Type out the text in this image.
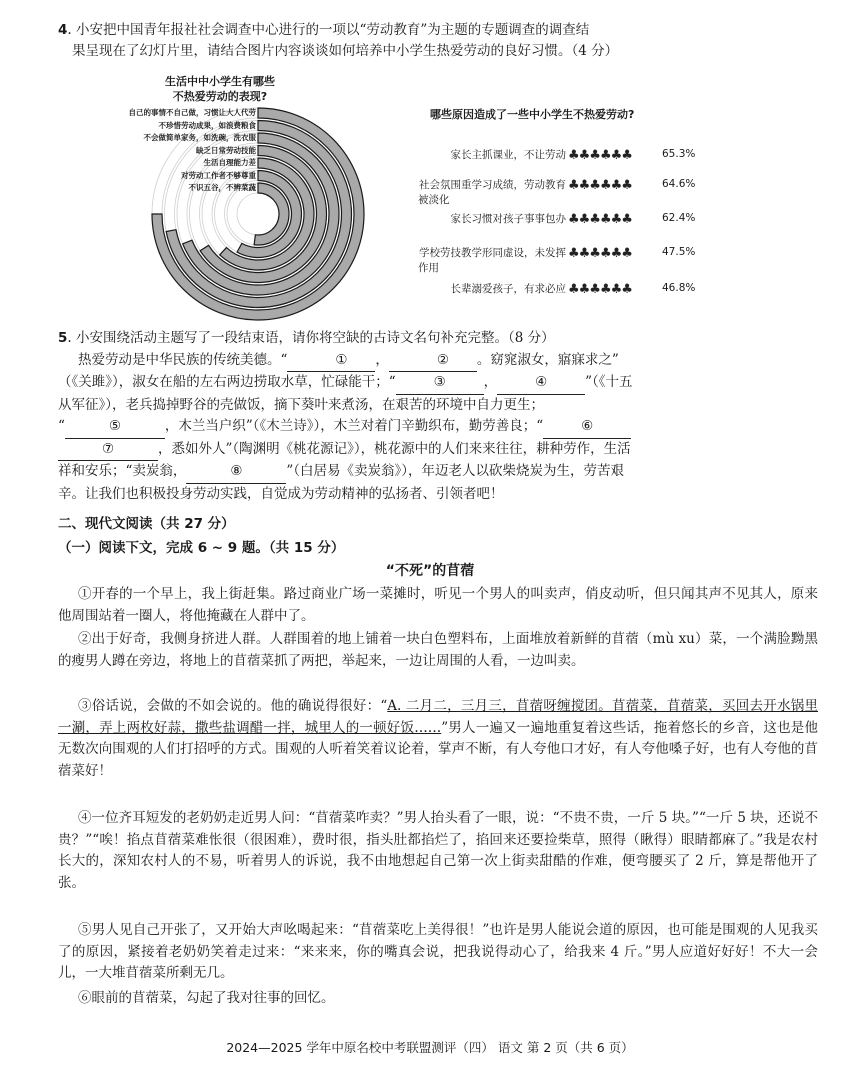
4. 小安把中国青年报社社会调查中心进行的一项以“劳动教育”为主题的专题调查的调查结
果呈现在了幻灯片里，请结合图片内容谈谈如何培养中小学生热爱劳动的良好习惯。（4 分）
生活中中小学生有哪些
不热爱劳动的表现?
自己的事情不自己做，习惯让大人代劳
不珍惜劳动成果，如浪费粮食
不会做简单家务，如洗碗，洗衣服
缺乏日常劳动技能
生活自理能力差
对劳动工作者不够尊重
不识五谷，不辨菜蔬
哪些原因造成了一些中小学生不热爱劳动?
家长主抓课业，不让劳动 ♣♣♣♣♣♣	65.3%
社会氛围重学习成绩，劳动教育
被淡化
♣♣♣♣♣♣	64.6%
家长习惯对孩子事事包办 ♣♣♣♣♣♣	62.4%
学校劳技教学形同虚设，未发挥
作用
♣♣♣♣♣♣	47.5%
长辈溺爱孩子，有求必应 ♣♣♣♣♣♣	46.8%
5. 小安围绕活动主题写了一段结束语，请你将空缺的古诗文名句补充完整。（8 分）
热爱劳动是中华民族的传统美德。“	① ，	② 。窈窕淑女，寤寐求之”
（《关雎》），淑女在船的左右两边捞取水草，忙碌能干；“	③	，	④	”（《十五
从军征》），老兵捣掉野谷的壳做饭，摘下葵叶来煮汤，在艰苦的环境中自力更生；
“	⑤	，木兰当户织”（《木兰诗》），木兰对着门辛勤织布，勤劳善良；“	⑥
⑦	，悉如外人”（陶渊明《桃花源记》），桃花源中的人们来来往往，耕种劳作，生活
祥和安乐；“卖炭翁，	⑧	”（白居易《卖炭翁》），年迈老人以砍柴烧炭为生，劳苦艰
辛。让我们也积极投身劳动实践，自觉成为劳动精神的弘扬者、引领者吧！
二、现代文阅读（共 27 分）
（一）阅读下文，完成 6 ~ 9 题。（共 15 分）
“不死”的苜蓿
①开春的一个早上，我上街赶集。路过商业广场一菜摊时，听见一个男人的叫卖声，俏皮动听，但只闻其声不见其人，原来他周围站着一圈人，将他掩藏在人群中了。
②出于好奇，我侧身挤进人群。人群围着的地上铺着一块白色塑料布，上面堆放着新鲜的苜蓿（mù xu）菜，一个满脸黝黑的瘦男人蹲在旁边，将地上的苜蓿菜抓了两把，举起来，一边让周围的人看，一边叫卖。
③俗话说，会做的不如会说的。他的确说得很好：“A. 二月二，三月三，苜蓿呀缠搅团。苜蓿菜，苜蓿菜，买回去开水锅里一涮，弄上两枚好蒜，撒些盐调醋一拌，城里人的一顿好饭……”男人一遍又一遍地重复着这些话，拖着悠长的乡音，这也是他无数次向围观的人们打招呼的方式。围观的人听着笑着议论着，掌声不断，有人夸他口才好，有人夸他嗓子好，也有人夸他的苜蓿菜好！
④一位齐耳短发的老奶奶走近男人问：“苜蓿菜咋卖？”男人抬头看了一眼，说：“不贵不贵，一斤 5 块。”“一斤 5 块，还说不贵？”“唉！掐点苜蓿菜难怅很（很困难），费时很，指头肚都掐烂了，掐回来还要捡柴草，照得（瞅得）眼睛都麻了。”我是农村长大的，深知农村人的不易，听着男人的诉说，我不由地想起自己第一次上街卖甜酷的作难，便弯腰买了 2 斤，算是帮他开了张。
⑤男人见自己开张了，又开始大声吆喝起来：“苜蓿菜吃上美得很！”也许是男人能说会道的原因，也可能是围观的人见我买了的原因，紧接着老奶奶笑着走过来：“来来来，你的嘴真会说，把我说得动心了，给我来 4 斤。”男人应道好好好！不大一会儿，一大堆苜蓿菜所剩无几。
⑥眼前的苜蓿菜，勾起了我对往事的回忆。
2024—2025 学年中原名校中考联盟测评（四） 语文 第 2 页（共 6 页）
